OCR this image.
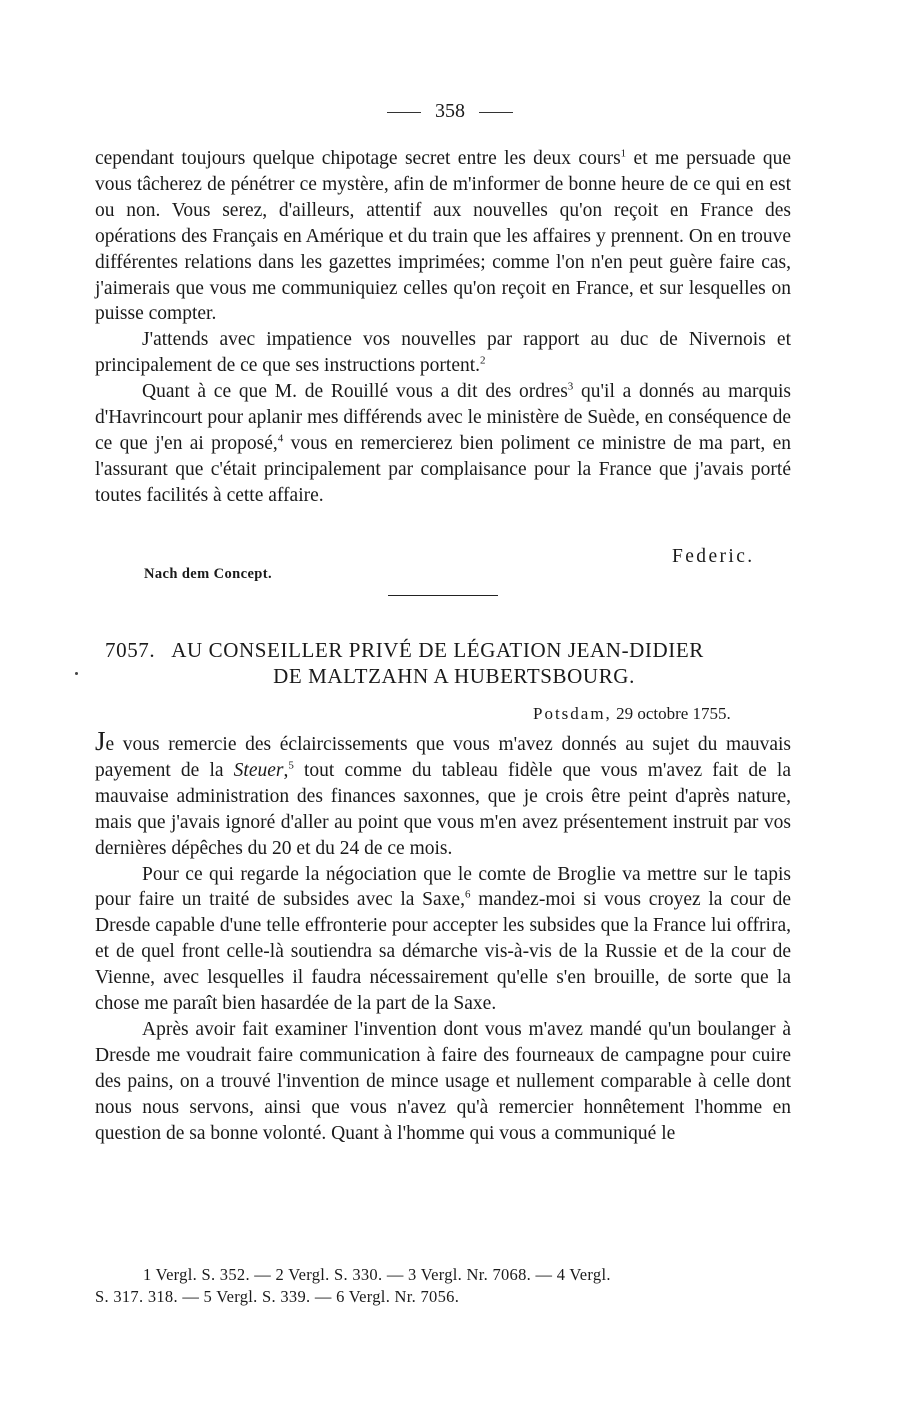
358

cependant toujours quelque chipotage secret entre les deux cours$^1$ et me persuade que vous tâcherez de pénétrer ce mystère, afin de m'informer de bonne heure de ce qui en est ou non. Vous serez, d'ailleurs, attentif aux nouvelles qu'on reçoit en France des opérations des Français en Amérique et du train que les affaires y prennent. On en trouve différentes relations dans les gazettes imprimées; comme l'on n'en peut guère faire cas, j'aimerais que vous me communiquiez celles qu'on reçoit en France, et sur lesquelles on puisse compter.

J'attends avec impatience vos nouvelles par rapport au duc de Nivernois et principalement de ce que ses instructions portent.$^2$

Quant à ce que M. de Rouillé vous a dit des ordres$^3$ qu'il a donnés au marquis d'Havrincourt pour aplanir mes différends avec le ministère de Suède, en conséquence de ce que j'en ai proposé,$^4$ vous en remercierez bien poliment ce ministre de ma part, en l'assurant que c'était principalement par complaisance pour la France que j'avais porté toutes facilités à cette affaire.

Federic.
Nach dem Concept.
7057. AU CONSEILLER PRIVÉ DE LÉGATION JEAN-DIDIER
DE MALTZAHN A HUBERTSBOURG.
Potsdam, 29 octobre 1755.

Je vous remercie des éclaircissements que vous m'avez donnés au sujet du mauvais payement de la Steuer,$^5$ tout comme du tableau fidèle que vous m'avez fait de la mauvaise administration des finances saxonnes, que je crois être peint d'après nature, mais que j'avais ignoré d'aller au point que vous m'en avez présentement instruit par vos dernières dépêches du 20 et du 24 de ce mois.

Pour ce qui regarde la négociation que le comte de Broglie va mettre sur le tapis pour faire un traité de subsides avec la Saxe,$^6$ mandez-moi si vous croyez la cour de Dresde capable d'une telle effronterie pour accepter les subsides que la France lui offrira, et de quel front celle-là soutiendra sa démarche vis-à-vis de la Russie et de la cour de Vienne, avec lesquelles il faudra nécessairement qu'elle s'en brouille, de sorte que la chose me paraît bien hasardée de la part de la Saxe.

Après avoir fait examiner l'invention dont vous m'avez mandé qu'un boulanger à Dresde me voudrait faire communication à faire des fourneaux de campagne pour cuire des pains, on a trouvé l'invention de mince usage et nullement comparable à celle dont nous nous servons, ainsi que vous n'avez qu'à remercier honnêtement l'homme en question de sa bonne volonté. Quant à l'homme qui vous a communiqué le

1 Vergl. S. 352. — 2 Vergl. S. 330. — 3 Vergl. Nr. 7068. — 4 Vergl.

S. 317. 318. — 5 Vergl. S. 339. — 6 Vergl. Nr. 7056.
